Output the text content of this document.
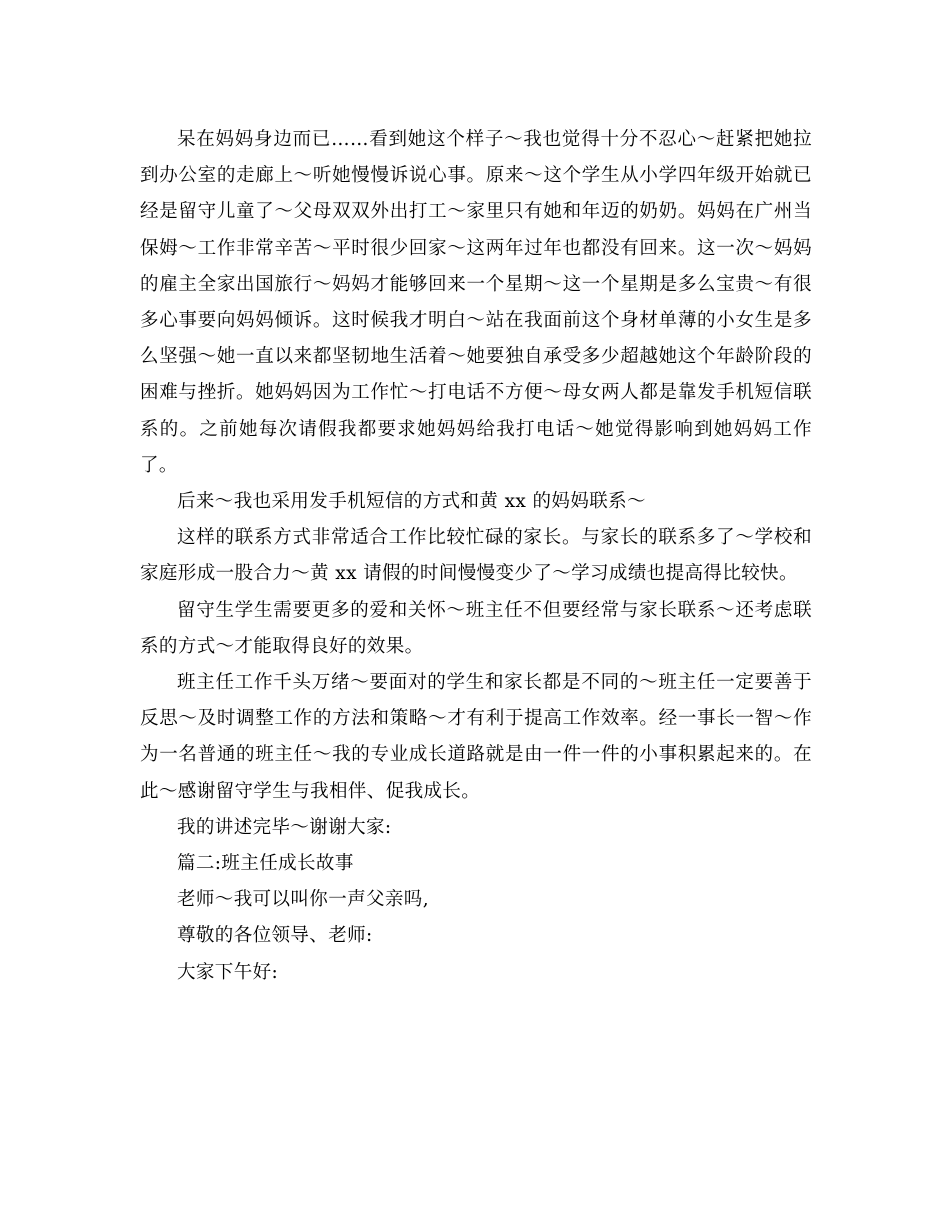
呆在妈妈身边而已……看到她这个样子～我也觉得十分不忍心～赶紧把她拉到办公室的走廊上～听她慢慢诉说心事。原来～这个学生从小学四年级开始就已经是留守儿童了～父母双双外出打工～家里只有她和年迈的奶奶。妈妈在广州当保姆～工作非常辛苦～平时很少回家～这两年过年也都没有回来。这一次～妈妈的雇主全家出国旅行～妈妈才能够回来一个星期～这一个星期是多么宝贵～有很多心事要向妈妈倾诉。这时候我才明白～站在我面前这个身材单薄的小女生是多么坚强～她一直以来都坚韧地生活着～她要独自承受多少超越她这个年龄阶段的困难与挫折。她妈妈因为工作忙～打电话不方便～母女两人都是靠发手机短信联系的。之前她每次请假我都要求她妈妈给我打电话～她觉得影响到她妈妈工作了。

后来～我也采用发手机短信的方式和黄 xx 的妈妈联系～

这样的联系方式非常适合工作比较忙碌的家长。与家长的联系多了～学校和家庭形成一股合力～黄 xx 请假的时间慢慢变少了～学习成绩也提高得比较快。

留守生学生需要更多的爱和关怀～班主任不但要经常与家长联系～还考虑联系的方式～才能取得良好的效果。

班主任工作千头万绪～要面对的学生和家长都是不同的～班主任一定要善于反思～及时调整工作的方法和策略～才有利于提高工作效率。经一事长一智～作为一名普通的班主任～我的专业成长道路就是由一件一件的小事积累起来的。在此～感谢留守学生与我相伴、促我成长。

我的讲述完毕～谢谢大家:

篇二:班主任成长故事

老师～我可以叫你一声父亲吗,

尊敬的各位领导、老师:

大家下午好:
